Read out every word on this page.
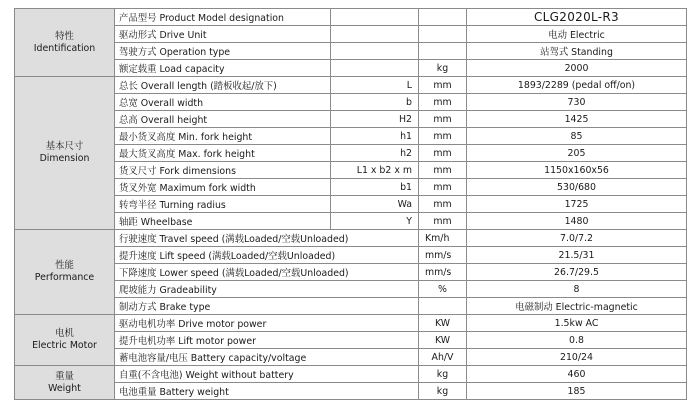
特性
Identification	产品型号 Product Model designation			CLG2020L-R3
	驱动形式 Drive Unit			电动 Electric
	驾驶方式 Operation type			站驾式 Standing
	额定载重 Load capacity		kg	2000

基本尺寸
Dimension	总长 Overall length (踏板收起/放下)	L	mm	1893/2289 (pedal off/on)
	总宽 Overall width	b	mm	730
	总高 Overall height	H2	mm	1425
	最小货叉高度 Min. fork height	h1	mm	85
	最大货叉高度 Max. fork height	h2	mm	205
	货叉尺寸 Fork dimensions	L1 x b2 x m	mm	1150x160x56
	货叉外宽 Maximum fork width	b1	mm	530/680
	转弯半径 Turning radius	Wa	mm	1725
	轴距 Wheelbase	Y	mm	1480

性能
Performance	行驶速度 Travel speed (满载Loaded/空载Unloaded)		Km/h	7.0/7.2
	提升速度 Lift speed (满载Loaded/空载Unloaded)		mm/s	21.5/31
	下降速度 Lower speed (满载Loaded/空载Unloaded)		mm/s	26.7/29.5
	爬坡能力 Gradeability		%	8
	制动方式 Brake type			电磁制动 Electric-magnetic

电机
Electric Motor	驱动电机功率 Drive motor power		KW	1.5kw AC
	提升电机功率 Lift motor power		KW	0.8
	蓄电池容量/电压 Battery capacity/voltage		Ah/V	210/24

重量
Weight	自重(不含电池) Weight without battery		kg	460
	电池重量 Battery weight		kg	185
